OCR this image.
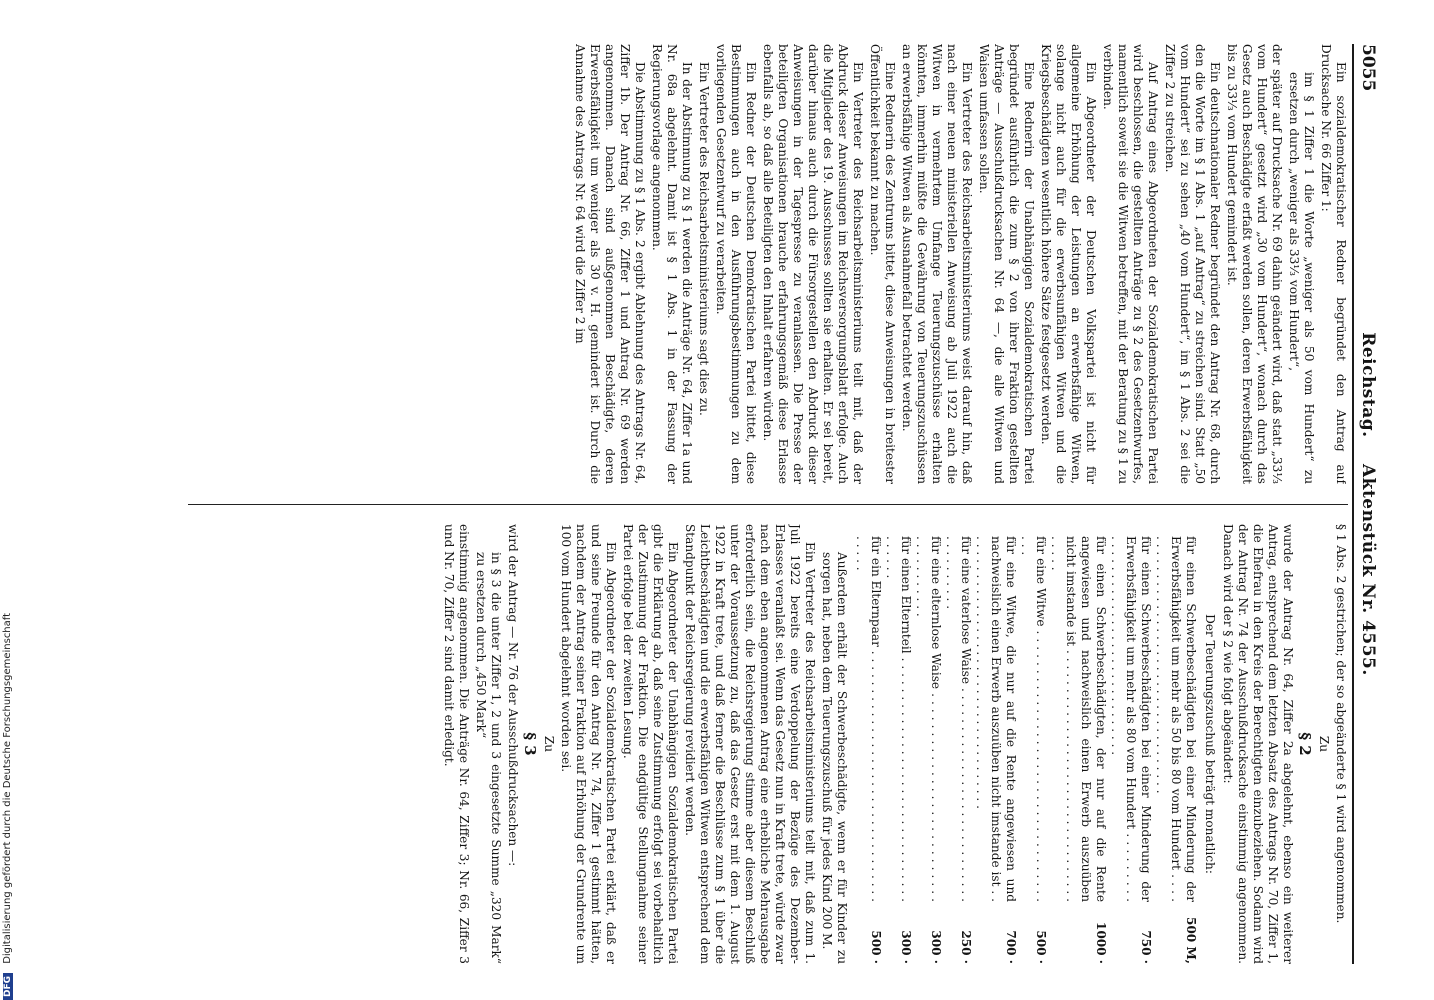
Reichstag. Aktenstück Nr. 4555.
5055

Ein sozialdemokratischer Redner begründet den Antrag auf Drucksache Nr. 66 Ziffer 1:

im § 1 Ziffer 1 die Worte „weniger als 50 vom Hundert“ zu ersetzen durch „weniger als 33⅓ vom Hundert“,

der später auf Drucksache Nr. 69 dahin geändert wird, daß statt „33⅓ vom Hundert“ gesetzt wird „30 vom Hundert“, wonach durch das Gesetz auch Beschädigte erfaßt werden sollen, deren Erwerbsfähigkeit bis zu 33⅓ vom Hundert gemindert ist.

Ein deutschnationaler Redner begründet den Antrag Nr. 68, durch den die Worte im § 1 Abs. 1 „auf Antrag“ zu streichen sind. Statt „50 vom Hundert“ sei zu sehen „40 vom Hundert“, im § 1 Abs. 2 sei die Ziffer 2 zu streichen.

Auf Antrag eines Abgeordneten der Sozialdemokratischen Partei wird beschlossen, die gestellten Anträge zu § 2 des Gesetzentwurfes, namentlich soweit sie die Witwen betreffen, mit der Beratung zu § 1 zu verbinden.

Ein Abgeordneter der Deutschen Volkspartei ist nicht für allgemeine Erhöhung der Leistungen an erwerbsfähige Witwen, solange nicht auch für die erwerbsunfähigen Witwen und die Kriegsbeschädigten wesentlich höhere Sätze festgesetzt werden.

Eine Rednerin der Unabhängigen Sozialdemokratischen Partei begründet ausführlich die zum § 2 von ihrer Fraktion gestellten Anträge — Ausschußdrucksachen Nr. 64 —, die alle Witwen und Waisen umfassen sollen.

Ein Vertreter des Reichsarbeitsministeriums weist darauf hin, daß nach einer neuen ministeriellen Anweisung ab Juli 1922 auch die Witwen in vermehrtem Umfange Teuerungszuschüsse erhalten könnten, immerhin müßte die Gewährung von Teuerungszuschüssen an erwerbsfähige Witwen als Ausnahmefall betrachtet werden.

Eine Rednerin des Zentrums bittet, diese Anweisungen in breitester Öffentlichkeit bekannt zu machen.

Ein Vertreter des Reichsarbeitsministeriums teilt mit, daß der Abdruck dieser Anweisungen im Reichsversorgungsblatt erfolge. Auch die Mitglieder des 19. Ausschusses sollten sie erhalten. Er sei bereit, darüber hinaus auch durch die Fürsorgestellen den Abdruck dieser Anweisungen in der Tagespresse zu veranlassen. Die Presse der beteiligten Organisationen brauche erfahrungsgemäß diese Erlasse ebenfalls ab, so daß alle Beteiligten den Inhalt erfahren würden.

Ein Redner der Deutschen Demokratischen Partei bittet, diese Bestimmungen auch in den Ausführungsbestimmungen zu dem vorliegenden Gesetzentwurf zu verarbeiten.

Ein Vertreter des Reichsarbeitsministeriums sagt dies zu.

In der Abstimmung zu § 1 werden die Anträge Nr. 64, Ziffer 1a und Nr. 68a abgelehnt. Damit ist § 1 Abs. 1 in der Fassung der Regierungsvorlage angenommen.

Die Abstimmung zu § 1 Abs. 2 ergibt Ablehnung des Antrags Nr. 64, Ziffer 1b. Der Antrag Nr. 66, Ziffer 1 und Antrag Nr. 69 werden angenommen. Danach sind außgenommen Beschädigte, deren Erwerbsfähigkeit um weniger als 30 v. H. gemindert ist. Durch die Annahme des Antrags Nr. 64 wird die Ziffer 2 im

§ 1 Abs. 2 gestrichen; der so abgeänderte § 1 wird angenommen.

Zu

§ 2

wurde der Antrag Nr. 64, Ziffer 2a abgelehnt, ebenso ein weiterer Antrag, entsprechend dem letzten Absatz des Antrags Nr. 70, Ziffer 1, die Ehefrau in den Kreis der Berechtigten einzubeziehen. Sodann wird der Antrag Nr. 74 der Ausschußdrucksache einstimmig angenommen. Danach wird der § 2 wie folgt abgeändert:

Der Teuerungszuschuß beträgt monatlich:

für einen Schwerbeschädigten bei einer Minderung der Erwerbsfähigkeit um mehr als 50 bis 80 vom Hundert . . .
500 M,
für einen Schwerbeschädigten bei einer Minderung der Erwerbsfähigkeit um mehr als 80 vom Hundert . . .
750 ·
für einen Schwerbeschädigten, der nur auf die Rente angewiesen und nachweislich einen Erwerb auszuüben nicht imstande ist . . .
1000 ·
für eine Witwe . . .
500 ·
für eine Witwe, die nur auf die Rente angewiesen und nachweislich einen Erwerb auszuüben nicht imstande ist . . .
700 ·
für eine vaterlose Waise . . .
250 ·
für eine elternlose Waise . . .
300 ·
für einen Elternteil . . .
300 ·
für ein Elternpaar . . .
500 ·

Außerdem erhält der Schwerbeschädigte, wenn er für Kinder zu sorgen hat, neben dem Teuerungszuschuß für jedes Kind 200 M.

Ein Vertreter des Reichsarbeitsministeriums teilt mit, daß zum 1. Juli 1922 bereits eine Verdoppelung der Bezüge des Dezember-Erlasses veranlaßt sei. Wenn das Gesetz nun in Kraft trete, würde zwar nach dem eben angenommenen Antrag eine erhebliche Mehrausgabe erforderlich sein, die Reichsregierung stimme aber diesem Beschluß unter der Voraussetzung zu, daß das Gesetz erst mit dem 1. August 1922 in Kraft trete, und daß ferner die Beschlüsse zum § 1 über die Leichtbeschädigten und die erwerbsfähigen Witwen entsprechend dem Standpunkt der Reichsregierung revidiert werden.

Ein Abgeordneter der Unabhängigen Sozialdemokratischen Partei gibt die Erklärung ab, daß seine Zustimmung erfolgt sei vorbehaltlich der Zustimmung der Fraktion. Die endgültige Stellungnahme seiner Partei erfolge bei der zweiten Lesung.

Ein Abgeordneter der Sozialdemokratischen Partei erklärt, daß er und seine Freunde für den Antrag Nr. 74, Ziffer 1 gestimmt hätten, nachdem der Antrag seiner Fraktion auf Erhöhung der Grundrente um 100 vom Hundert abgelehnt worden sei.

Zu

§ 3

wird der Antrag — Nr. 76 der Ausschußdrucksachen —:

in § 3 die unter Ziffer 1, 2 und 3 eingesetzte Summe „320 Mark“ zu ersetzen durch „450 Mark“

einstimmig angenommen. Die Anträge Nr. 64, Ziffer 3; Nr. 66, Ziffer 3 und Nr. 70, Ziffer 2 sind damit erledigt.

DFG Digitalisierung gefördert durch die Deutsche Forschungsgemeinschaft
